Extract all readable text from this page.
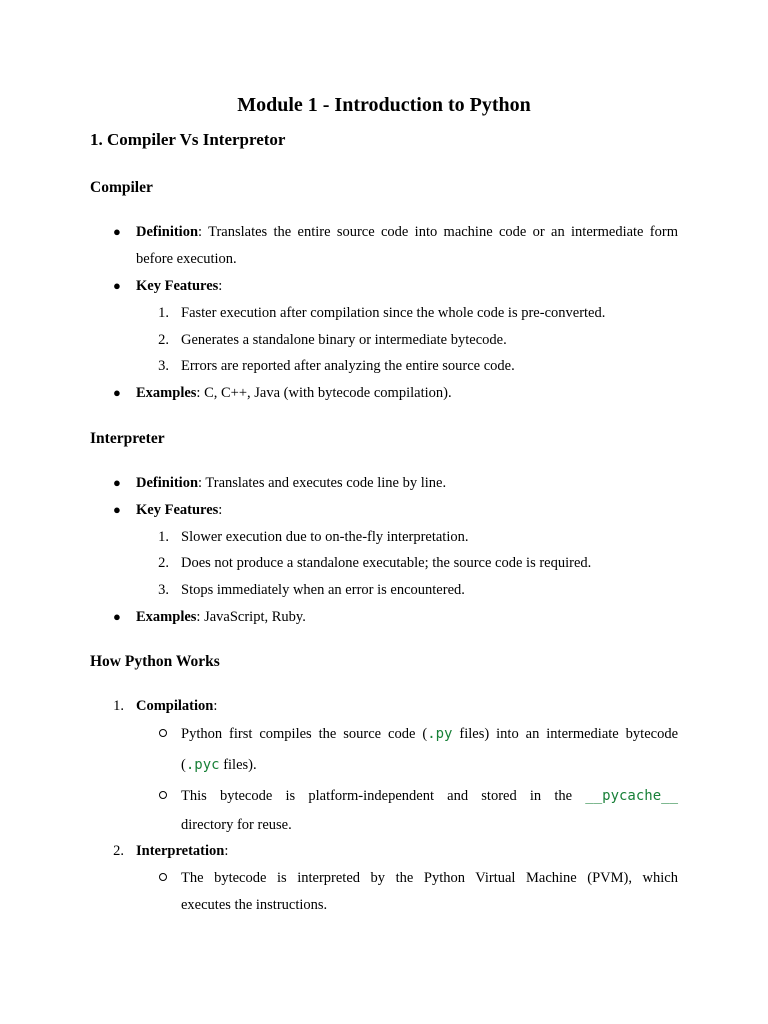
Module 1 - Introduction to Python
1. Compiler Vs Interpretor
Compiler
● Definition: Translates the entire source code into machine code or an intermediate form
before execution.
● Key Features:
1. Faster execution after compilation since the whole code is pre-converted.
2. Generates a standalone binary or intermediate bytecode.
3. Errors are reported after analyzing the entire source code.
● Examples: C, C++, Java (with bytecode compilation).
Interpreter
● Definition: Translates and executes code line by line.
● Key Features:
1. Slower execution due to on-the-fly interpretation.
2. Does not produce a standalone executable; the source code is required.
3. Stops immediately when an error is encountered.
● Examples: JavaScript, Ruby.
How Python Works
1. Compilation:
Python first compiles the source code (.py files) into an intermediate bytecode
(.pyc files).
This bytecode is platform-independent and stored in the __pycache__
directory for reuse.
2. Interpretation:
The bytecode is interpreted by the Python Virtual Machine (PVM), which
executes the instructions.
